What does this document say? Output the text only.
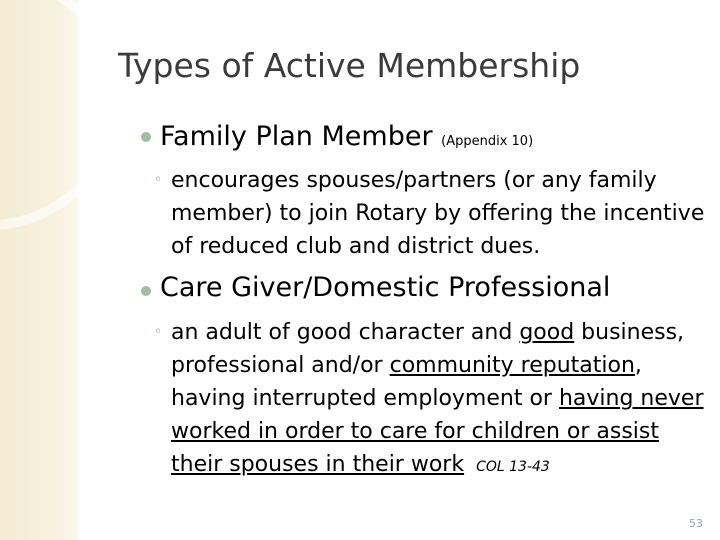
Types of Active Membership
Family Plan Member (Appendix 10)
◦ encourages spouses/partners (or any family member) to join Rotary by offering the incentive of reduced club and district dues.
Care Giver/Domestic Professional
◦ an adult of good character and good business, professional and/or community reputation, having interrupted employment or having never worked in order to care for children or assist their spouses in their work COL 13-43
53
